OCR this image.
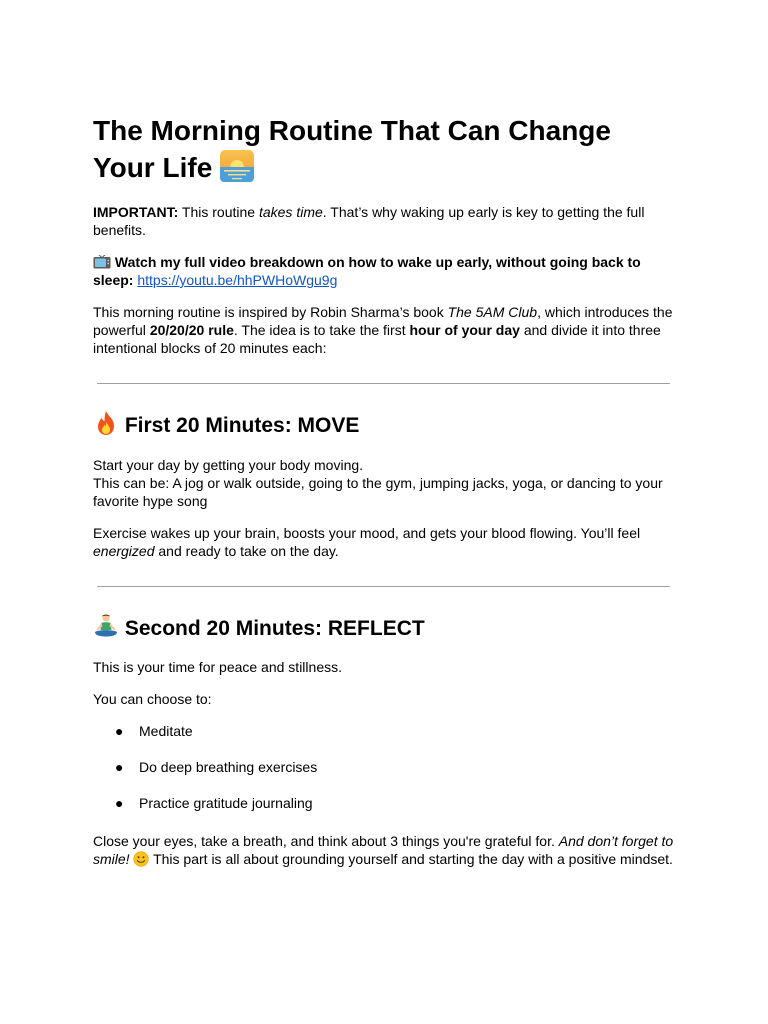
The Morning Routine That Can Change Your Life

IMPORTANT: This routine takes time. That’s why waking up early is key to getting the full benefits.

Watch my full video breakdown on how to wake up early, without going back to sleep: https://youtu.be/hhPWHoWgu9g

This morning routine is inspired by Robin Sharma’s book The 5AM Club, which introduces the powerful 20/20/20 rule. The idea is to take the first hour of your day and divide it into three intentional blocks of 20 minutes each:

First 20 Minutes: MOVE

Start your day by getting your body moving.
This can be: A jog or walk outside, going to the gym, jumping jacks, yoga, or dancing to your favorite hype song

Exercise wakes up your brain, boosts your mood, and gets your blood flowing. You’ll feel energized and ready to take on the day.

Second 20 Minutes: REFLECT

This is your time for peace and stillness.

You can choose to:

● Meditate
● Do deep breathing exercises
● Practice gratitude journaling

Close your eyes, take a breath, and think about 3 things you're grateful for. And don’t forget to smile!  This part is all about grounding yourself and starting the day with a positive mindset.
